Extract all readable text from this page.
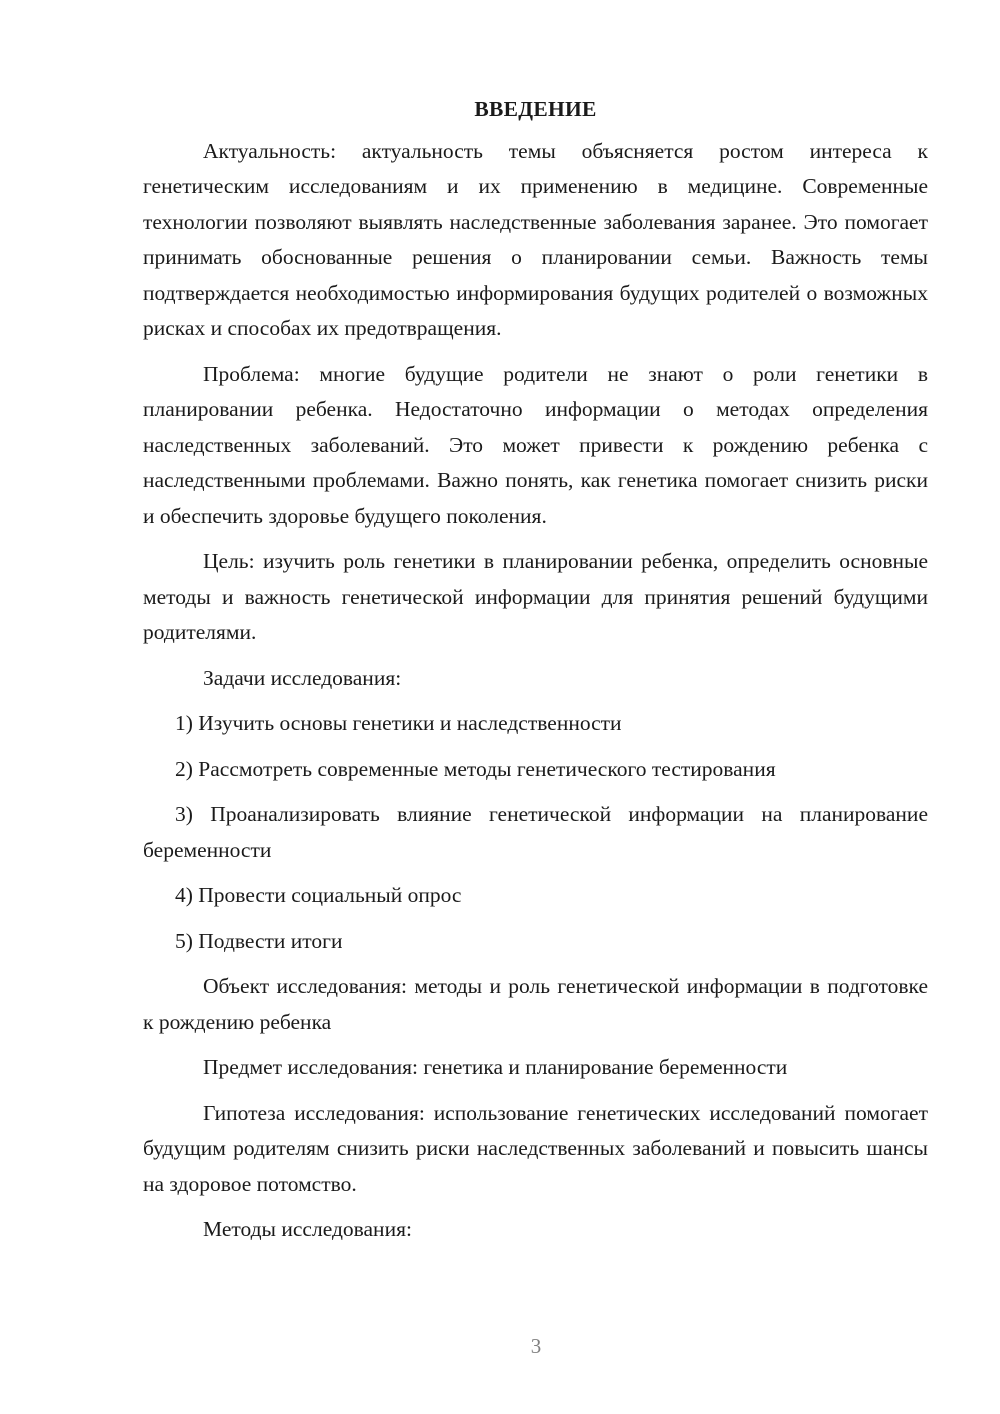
ВВЕДЕНИЕ

Актуальность: актуальность темы объясняется ростом интереса к генетическим исследованиям и их применению в медицине. Современные технологии позволяют выявлять наследственные заболевания заранее. Это помогает принимать обоснованные решения о планировании семьи. Важность темы подтверждается необходимостью информирования будущих родителей о возможных рисках и способах их предотвращения.

Проблема: многие будущие родители не знают о роли генетики в планировании ребенка. Недостаточно информации о методах определения наследственных заболеваний. Это может привести к рождению ребенка с наследственными проблемами. Важно понять, как генетика помогает снизить риски и обеспечить здоровье будущего поколения.

Цель: изучить роль генетики в планировании ребенка, определить основные методы и важность генетической информации для принятия решений будущими родителями.

Задачи исследования:

1) Изучить основы генетики и наследственности

2) Рассмотреть современные методы генетического тестирования

3) Проанализировать влияние генетической информации на планирование беременности

4) Провести социальный опрос

5) Подвести итоги

Объект исследования: методы и роль генетической информации в подготовке к рождению ребенка

Предмет исследования: генетика и планирование беременности

Гипотеза исследования: использование генетических исследований помогает будущим родителям снизить риски наследственных заболеваний и повысить шансы на здоровое потомство.

Методы исследования:

3
